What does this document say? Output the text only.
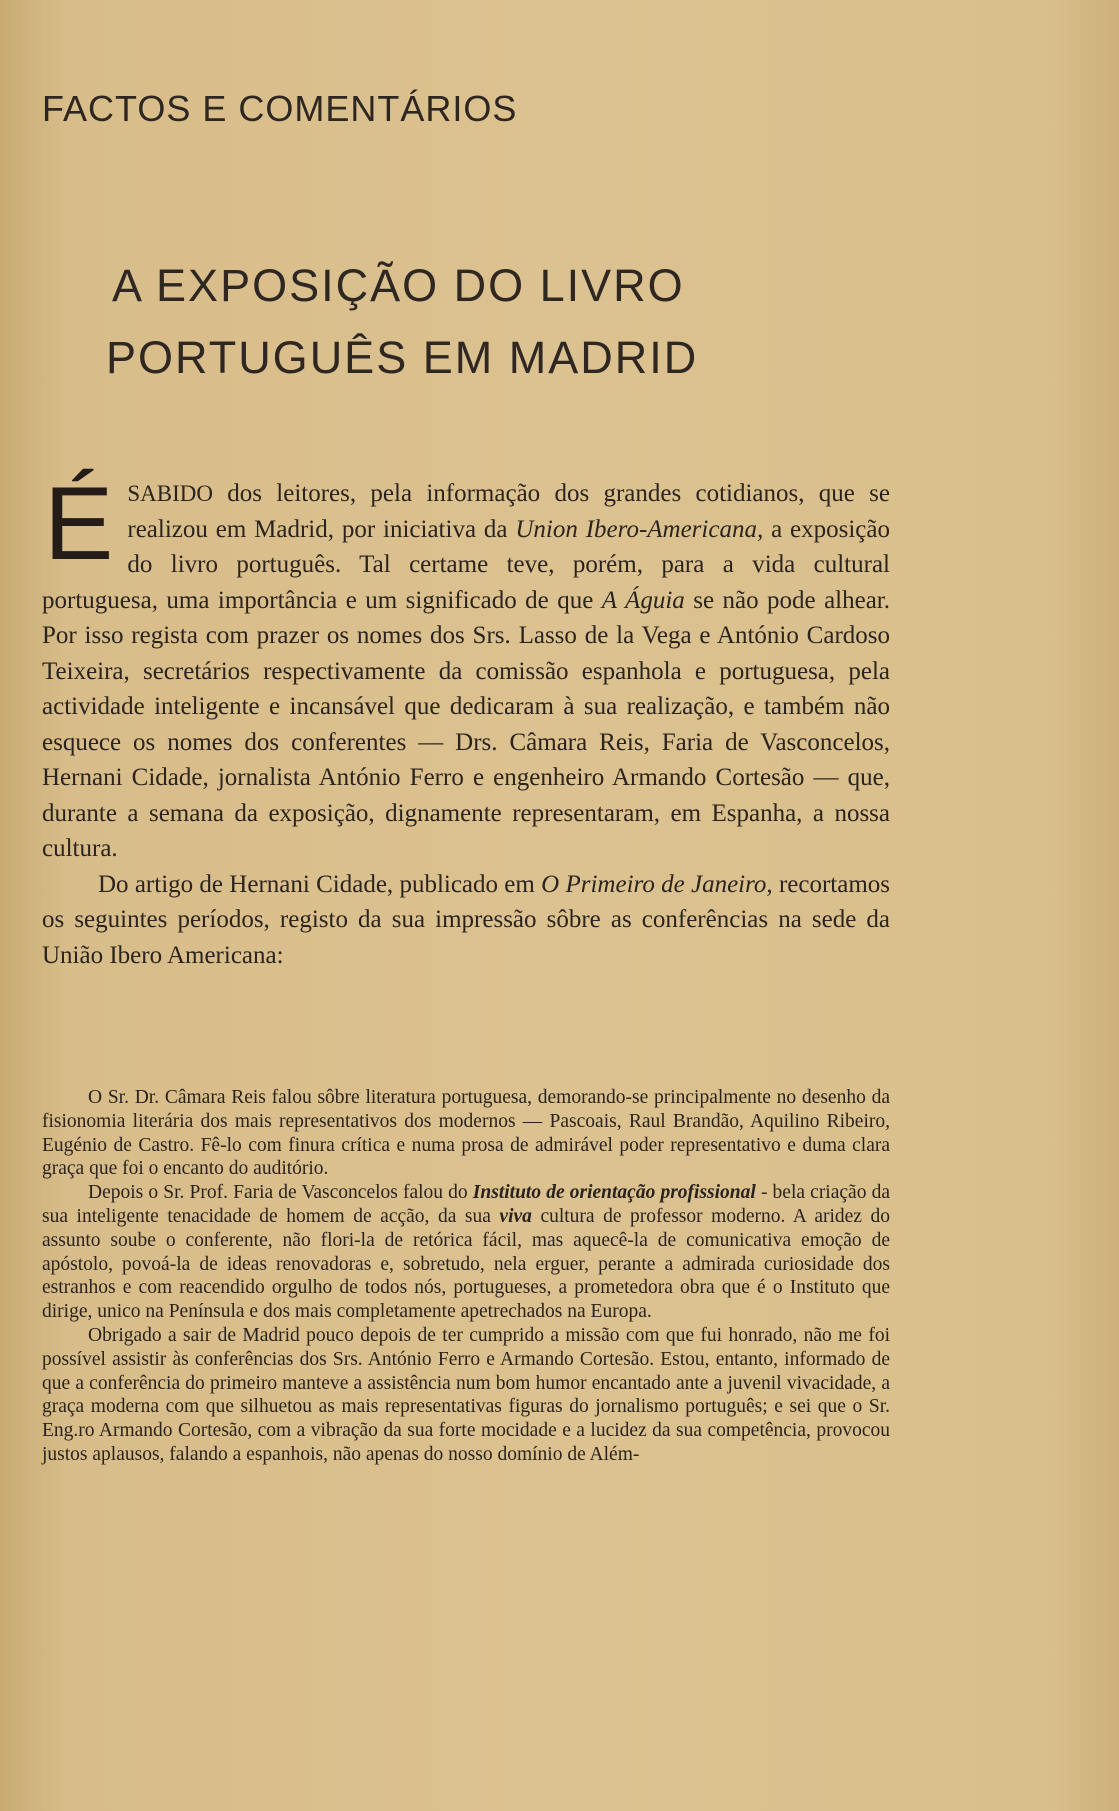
FACTOS E COMENTÁRIOS
A EXPOSIÇÃO DO LIVRO
PORTUGUÊS EM MADRID

ÉSABIDO dos leitores, pela informação dos grandes cotidianos, que se realizou em Madrid, por iniciativa da Union Ibero-Americana, a exposição do livro português. Tal certame teve, porém, para a vida cultural portuguesa, uma importância e um significado de que A Águia se não pode alhear. Por isso regista com prazer os nomes dos Srs. Lasso de la Vega e António Cardoso Teixeira, secretários respectivamente da comissão espanhola e portuguesa, pela actividade inteligente e incansável que dedicaram à sua realização, e também não esquece os nomes dos conferentes — Drs. Câmara Reis, Faria de Vasconcelos, Hernani Cidade, jornalista António Ferro e engenheiro Armando Cortesão — que, durante a semana da exposição, dignamente representaram, em Espanha, a nossa cultura.

Do artigo de Hernani Cidade, publicado em O Primeiro de Janeiro, recortamos os seguintes períodos, registo da sua impressão sôbre as conferências na sede da União Ibero Americana:

O Sr. Dr. Câmara Reis falou sôbre literatura portuguesa, demorando-se principalmente no desenho da fisionomia literária dos mais representativos dos modernos — Pascoais, Raul Brandão, Aquilino Ribeiro, Eugénio de Castro. Fê-lo com finura crítica e numa prosa de admirável poder representativo e duma clara graça que foi o encanto do auditório.

Depois o Sr. Prof. Faria de Vasconcelos falou do Instituto de orientação profissional - bela criação da sua inteligente tenacidade de homem de acção, da sua viva cultura de professor moderno. A aridez do assunto soube o conferente, não flori-la de retórica fácil, mas aquecê-la de comunicativa emoção de apóstolo, povoá-la de ideas renovadoras e, sobretudo, nela erguer, perante a admirada curiosidade dos estranhos e com reacendido orgulho de todos nós, portugueses, a prometedora obra que é o Instituto que dirige, unico na Península e dos mais completamente apetrechados na Europa.

Obrigado a sair de Madrid pouco depois de ter cumprido a missão com que fui honrado, não me foi possível assistir às conferências dos Srs. António Ferro e Armando Cortesão. Estou, entanto, informado de que a conferência do primeiro manteve a assistência num bom humor encantado ante a juvenil vivacidade, a graça moderna com que silhuetou as mais representativas figuras do jornalismo português; e sei que o Sr. Eng.ro Armando Cortesão, com a vibração da sua forte mocidade e a lucidez da sua competência, provocou justos aplausos, falando a espanhois, não apenas do nosso domínio de Além-
